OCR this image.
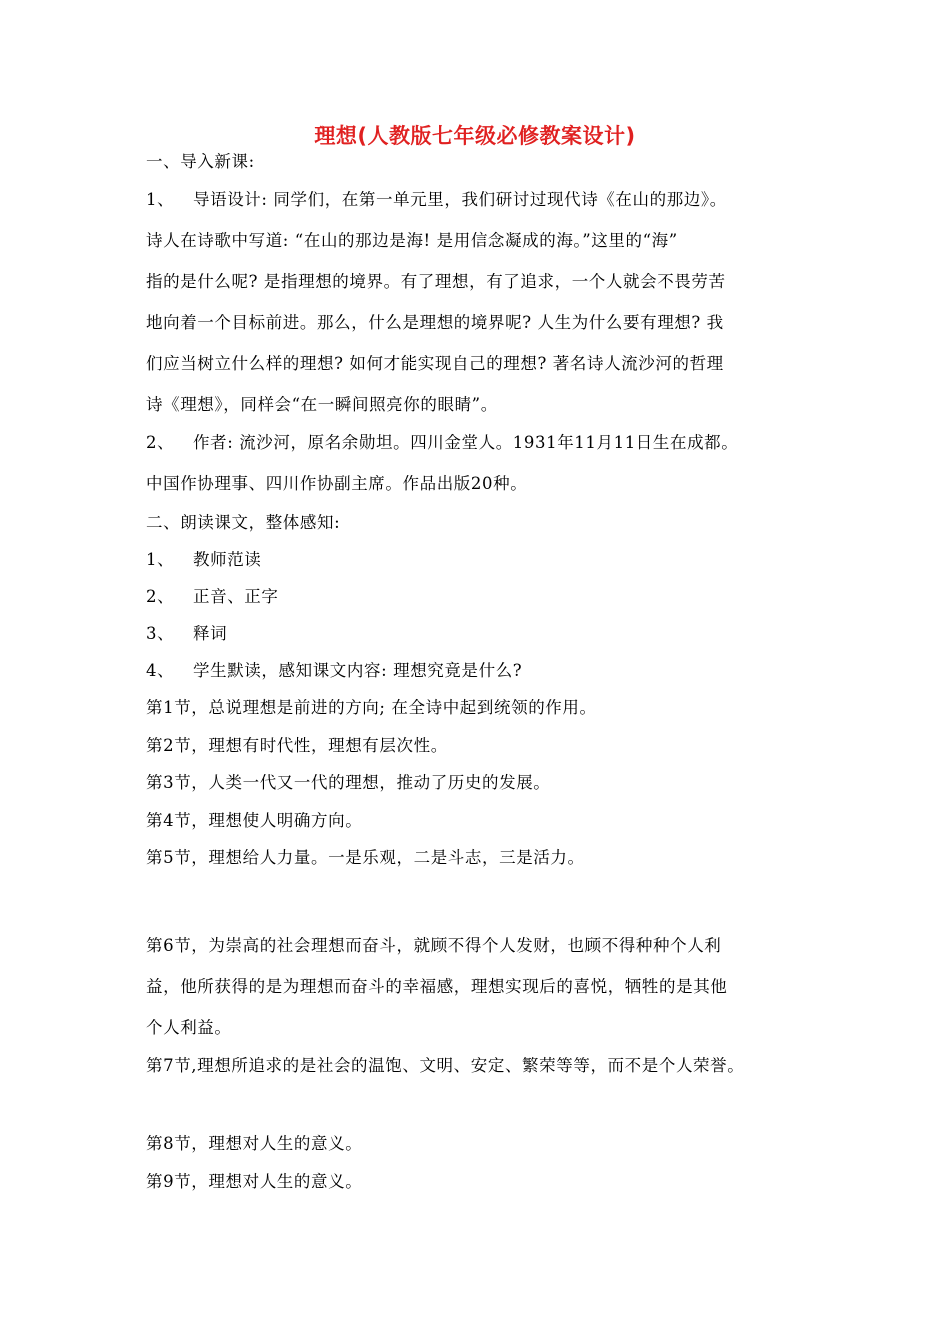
理想(人教版七年级必修教案设计)
一、导入新课:
1、 导语设计: 同学们，在第一单元里，我们研讨过现代诗《在山的那边》。
诗人在诗歌中写道: “在山的那边是海! 是用信念凝成的海。”这里的“海”
指的是什么呢? 是指理想的境界。有了理想，有了追求，一个人就会不畏劳苦
地向着一个目标前进。那么，什么是理想的境界呢? 人生为什么要有理想? 我
们应当树立什么样的理想? 如何才能实现自己的理想? 著名诗人流沙河的哲理
诗《理想》，同样会“在一瞬间照亮你的眼睛”。
2、 作者: 流沙河，原名余勋坦。四川金堂人。1931年11月11日生在成都。
中国作协理事、四川作协副主席。作品出版20种。
二、朗读课文，整体感知:
1、 教师范读
2、 正音、正字
3、 释词
4、 学生默读，感知课文内容: 理想究竟是什么?
第1节，总说理想是前进的方向; 在全诗中起到统领的作用。
第2节，理想有时代性，理想有层次性。
第3节，人类一代又一代的理想，推动了历史的发展。
第4节，理想使人明确方向。
第5节，理想给人力量。一是乐观，二是斗志，三是活力。
第6节，为崇高的社会理想而奋斗，就顾不得个人发财，也顾不得种种个人利
益，他所获得的是为理想而奋斗的幸福感，理想实现后的喜悦，牺牲的是其他
个人利益。
第7节,理想所追求的是社会的温饱、文明、安定、繁荣等等，而不是个人荣誉。
第8节，理想对人生的意义。
第9节，理想对人生的意义。
